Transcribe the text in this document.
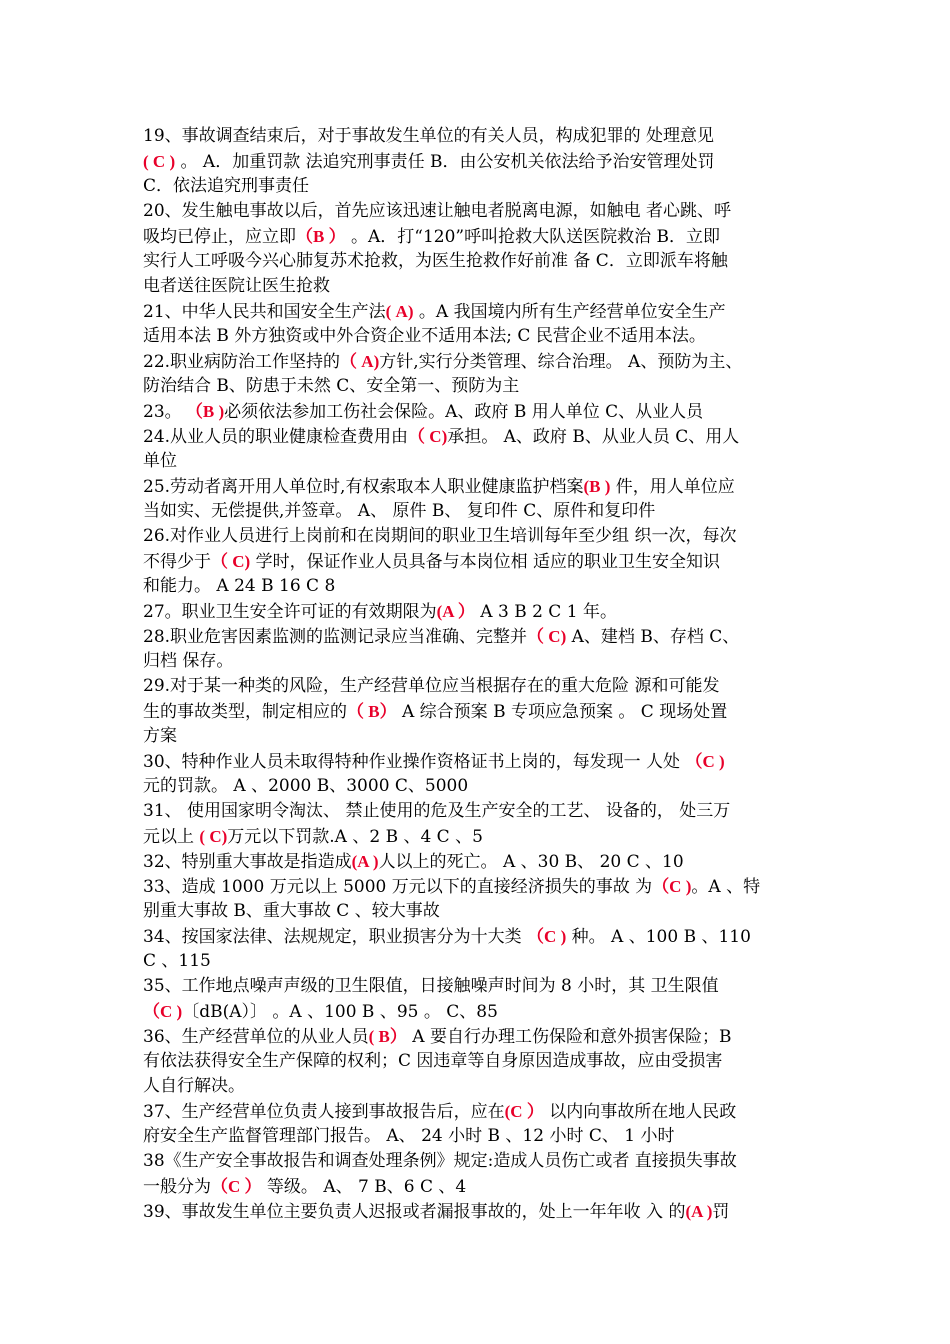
19、事故调查结束后，对于事故发生单位的有关人员，构成犯罪的 处理意见
( C ) 。 A．加重罚款 法追究刑事责任 B．由公安机关依法给予治安管理处罚
C．依法追究刑事责任
20、发生触电事故以后，首先应该迅速让触电者脱离电源，如触电 者心跳、呼
吸均已停止，应立即（B ） 。A．打“120”呼叫抢救大队送医院救治 B．立即
实行人工呼吸今兴心肺复苏术抢救，为医生抢救作好前准 备 C．立即派车将触
电者送往医院让医生抢救
21、中华人民共和国安全生产法( A) 。A 我国境内所有生产经营单位安全生产
适用本法 B 外方独资或中外合资企业不适用本法; C 民营企业不适用本法。
22.职业病防治工作坚持的（ A)方针,实行分类管理、综合治理。 A、预防为主、
防治结合 B、防患于未然 C、安全第一、预防为主
23。 （B )必须依法参加工伤社会保险。A、政府 B 用人单位 C、从业人员
24.从业人员的职业健康检查费用由（ C)承担。 A、政府 B、从业人员 C、用人
单位
25.劳动者离开用人单位时,有权索取本人职业健康监护档案(B ) 件，用人单位应
当如实、无偿提供,并签章。 A、 原件 B、 复印件 C、原件和复印件
26.对作业人员进行上岗前和在岗期间的职业卫生培训每年至少组 织一次，每次
不得少于（ C) 学时，保证作业人员具备与本岗位相 适应的职业卫生安全知识
和能力。 A 24 B 16 C 8
27。职业卫生安全许可证的有效期限为(A ） A 3 B 2 C 1 年。
28.职业危害因素监测的监测记录应当准确、完整并（ C) A、建档 B、存档 C、
归档 保存。
29.对于某一种类的风险，生产经营单位应当根据存在的重大危险 源和可能发
生的事故类型，制定相应的（ B） A 综合预案 B 专项应急预案 。 C 现场处置
方案
30、特种作业人员未取得特种作业操作资格证书上岗的，每发现一 人处 （C )
元的罚款。 A 、2000 B、3000 C、5000
31、 使用国家明令淘汰、 禁止使用的危及生产安全的工艺、 设备的， 处三万
元以上 ( C)万元以下罚款.A 、2 B 、4 C 、5
32、特别重大事故是指造成(A )人以上的死亡。 A 、30 B、 20 C 、10
33、造成 1000 万元以上 5000 万元以下的直接经济损失的事故 为（C )。A 、特
别重大事故 B、重大事故 C 、较大事故
34、按国家法律、法规规定，职业损害分为十大类 （C ) 种。 A 、100 B 、110
C 、115
35、工作地点噪声声级的卫生限值，日接触噪声时间为 8 小时，其 卫生限值
（C )〔dB(A）〕 。A 、100 B 、95 。 C、85
36、生产经营单位的从业人员( B） A 要自行办理工伤保险和意外损害保险；B
有依法获得安全生产保障的权利；C 因违章等自身原因造成事故，应由受损害
人自行解决。
37、生产经营单位负责人接到事故报告后，应在(C ） 以内向事故所在地人民政
府安全生产监督管理部门报告。 A、 24 小时 B 、12 小时 C、 1 小时
38《生产安全事故报告和调查处理条例》规定:造成人员伤亡或者 直接损失事故
一般分为（C ） 等级。 A、 7 B、6 C 、4
39、事故发生单位主要负责人迟报或者漏报事故的，处上一年年收 入 的(A )罚
